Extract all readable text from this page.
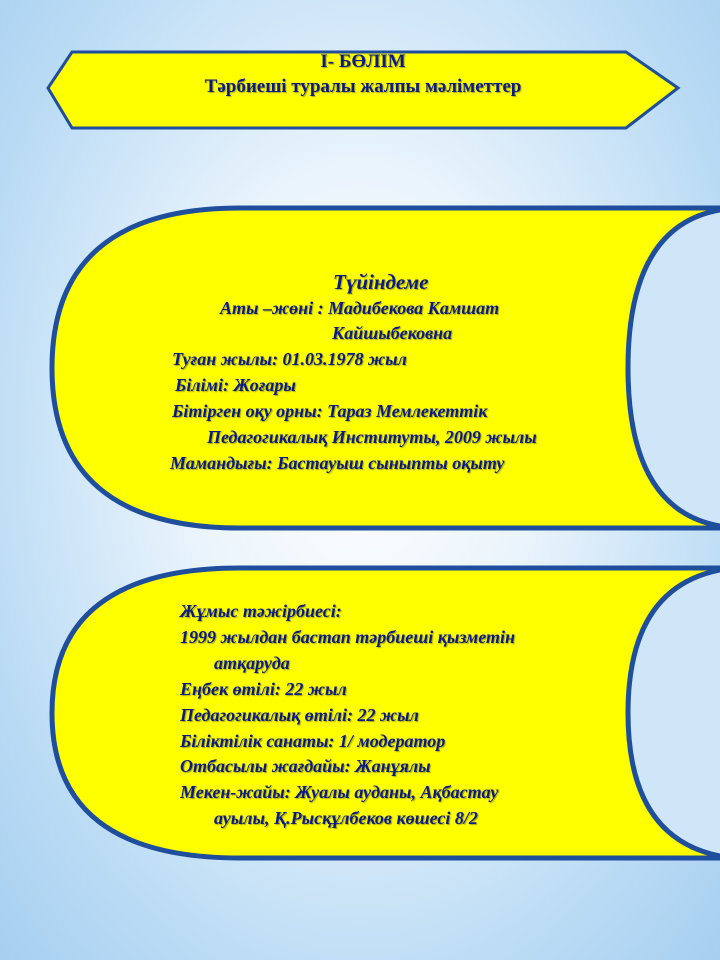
I- БӨЛІМ
Тәрбиеші туралы жалпы мәліметтер
Түйіндеме
Аты –жөні : Мадибекова Камшат
Кайшыбековна
Туған жылы: 01.03.1978 жыл
Білімі: Жоғары
Бітірген оқу орны: Тараз Мемлекеттік
Педагогикалық Институты, 2009 жылы
Мамандығы: Бастауыш сыныпты оқыту
Жұмыс тәжірбиесі:
1999 жылдан бастап тәрбиеші қызметін
атқаруда
Еңбек өтілі: 22 жыл
Педагогикалық өтілі: 22 жыл
Біліктілік санаты: 1/ модератор
Отбасылы жағдайы: Жанұялы
Мекен-жайы: Жуалы ауданы, Ақбастау
ауылы, Қ.Рысқұлбеков көшесі 8/2
